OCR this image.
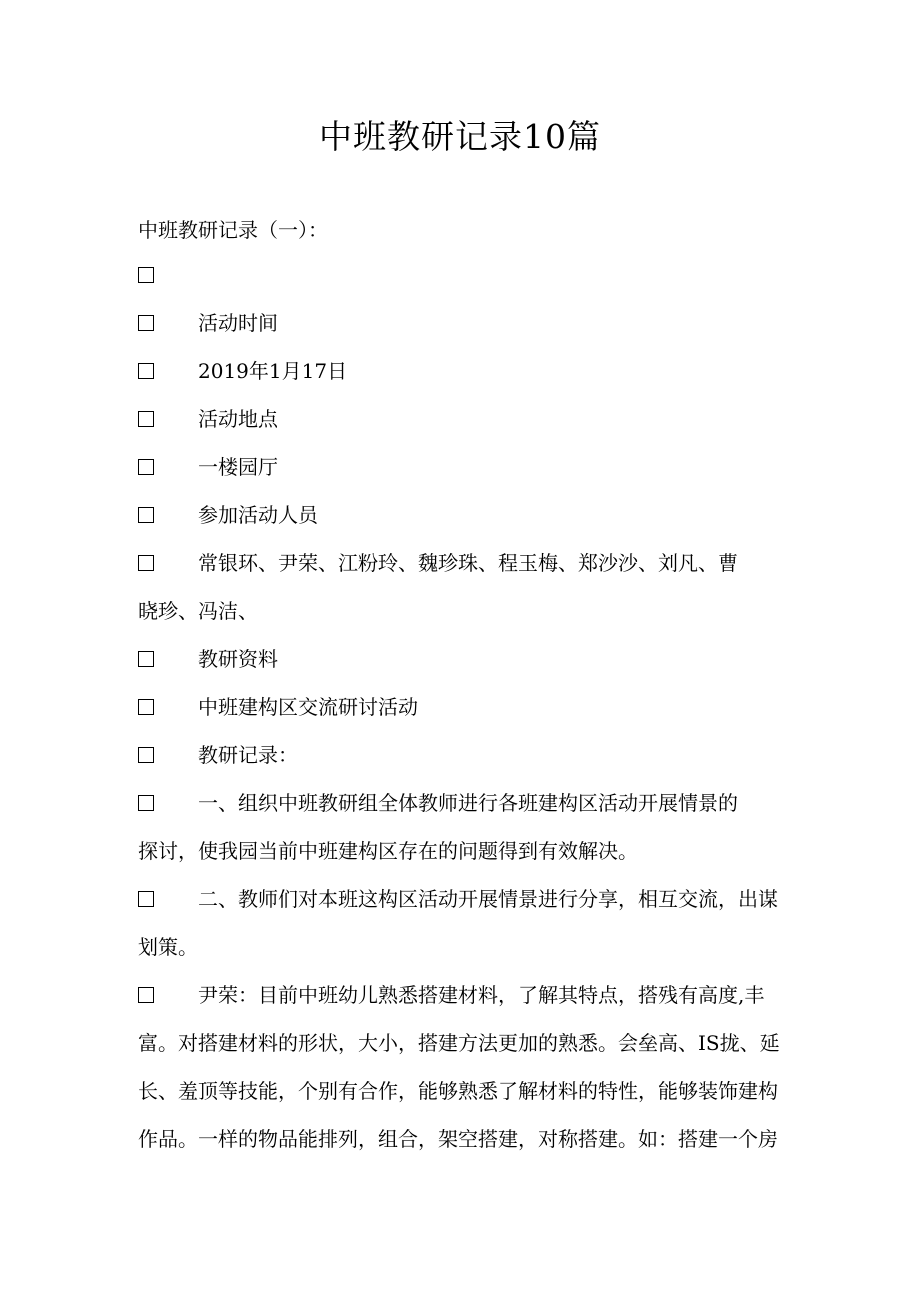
中班教研记录10篇
中班教研记录（一）：
活动时间
2019年1月17日
活动地点
一楼园厅
参加活动人员
常银环、尹荣、江粉玲、魏珍珠、程玉梅、郑沙沙、刘凡、曹
晓珍、冯洁、
教研资料
中班建构区交流研讨活动
教研记录：
一、组织中班教研组全体教师进行各班建构区活动开展情景的
探讨，使我园当前中班建构区存在的问题得到有效解决。
二、教师们对本班这构区活动开展情景进行分享，相互交流，出谋
划策。
尹荣：目前中班幼儿熟悉搭建材料，了解其特点，搭残有高度,丰
富。对搭建材料的形状，大小，搭建方法更加的熟悉。会垒高、IS拢、延
长、羞顶等技能，个别有合作，能够熟悉了解材料的特性，能够装饰建构
作品。一样的物品能排列，组合，架空搭建，对称搭建。如：搭建一个房
